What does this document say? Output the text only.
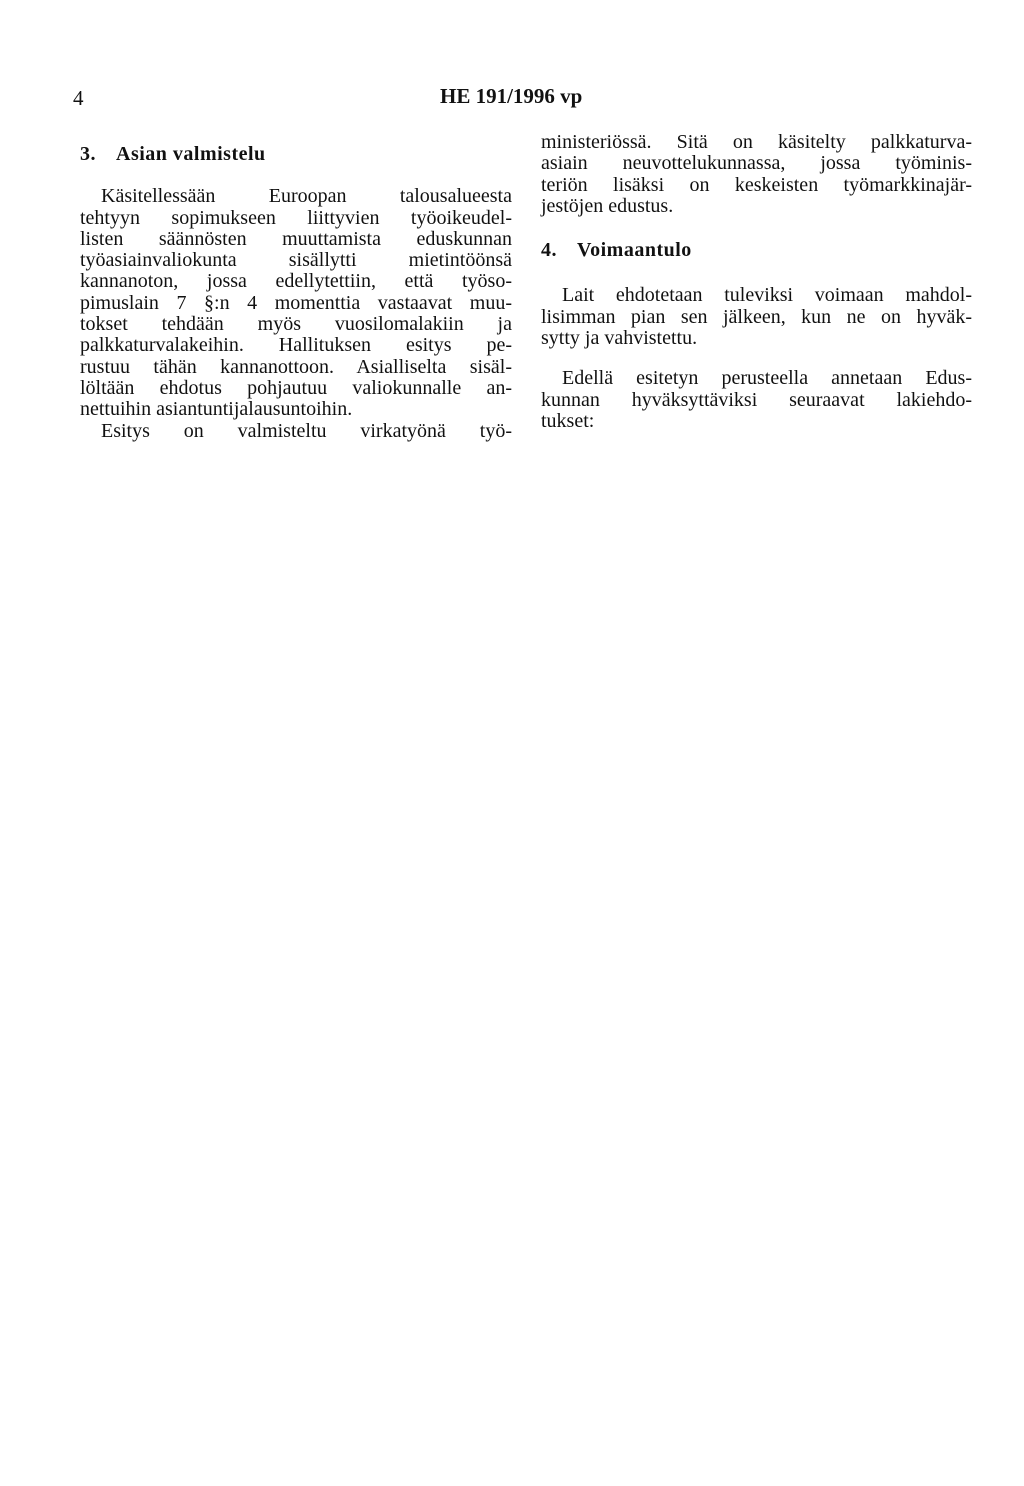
4	HE 191/1996 vp
3. Asian valmistelu
Käsitellessään Euroopan talousalueesta
tehtyyn sopimukseen liittyvien työoikeudel-
listen säännösten muuttamista eduskunnan
työasiainvaliokunta sisällytti mietintöönsä
kannanoton, jossa edellytettiin, että työso-
pimuslain 7 §:n 4 momenttia vastaavat muu-
tokset tehdään myös vuosilomalakiin ja
palkkaturvalakeihin. Hallituksen esitys pe-
rustuu tähän kannanottoon. Asialliselta sisäl-
löltään ehdotus pohjautuu valiokunnalle an-
nettuihin asiantuntijalausuntoihin.
Esitys on valmisteltu virkatyönä työ-
ministeriössä. Sitä on käsitelty palkkaturva-
asiain neuvottelukunnassa, jossa työminis-
teriön lisäksi on keskeisten työmarkkinajär-
jestöjen edustus.
4. Voimaantulo
Lait ehdotetaan tuleviksi voimaan mahdol-
lisimman pian sen jälkeen, kun ne on hyväk-
sytty ja vahvistettu.
Edellä esitetyn perusteella annetaan Edus-
kunnan hyväksyttäviksi seuraavat lakiehdo-
tukset:
